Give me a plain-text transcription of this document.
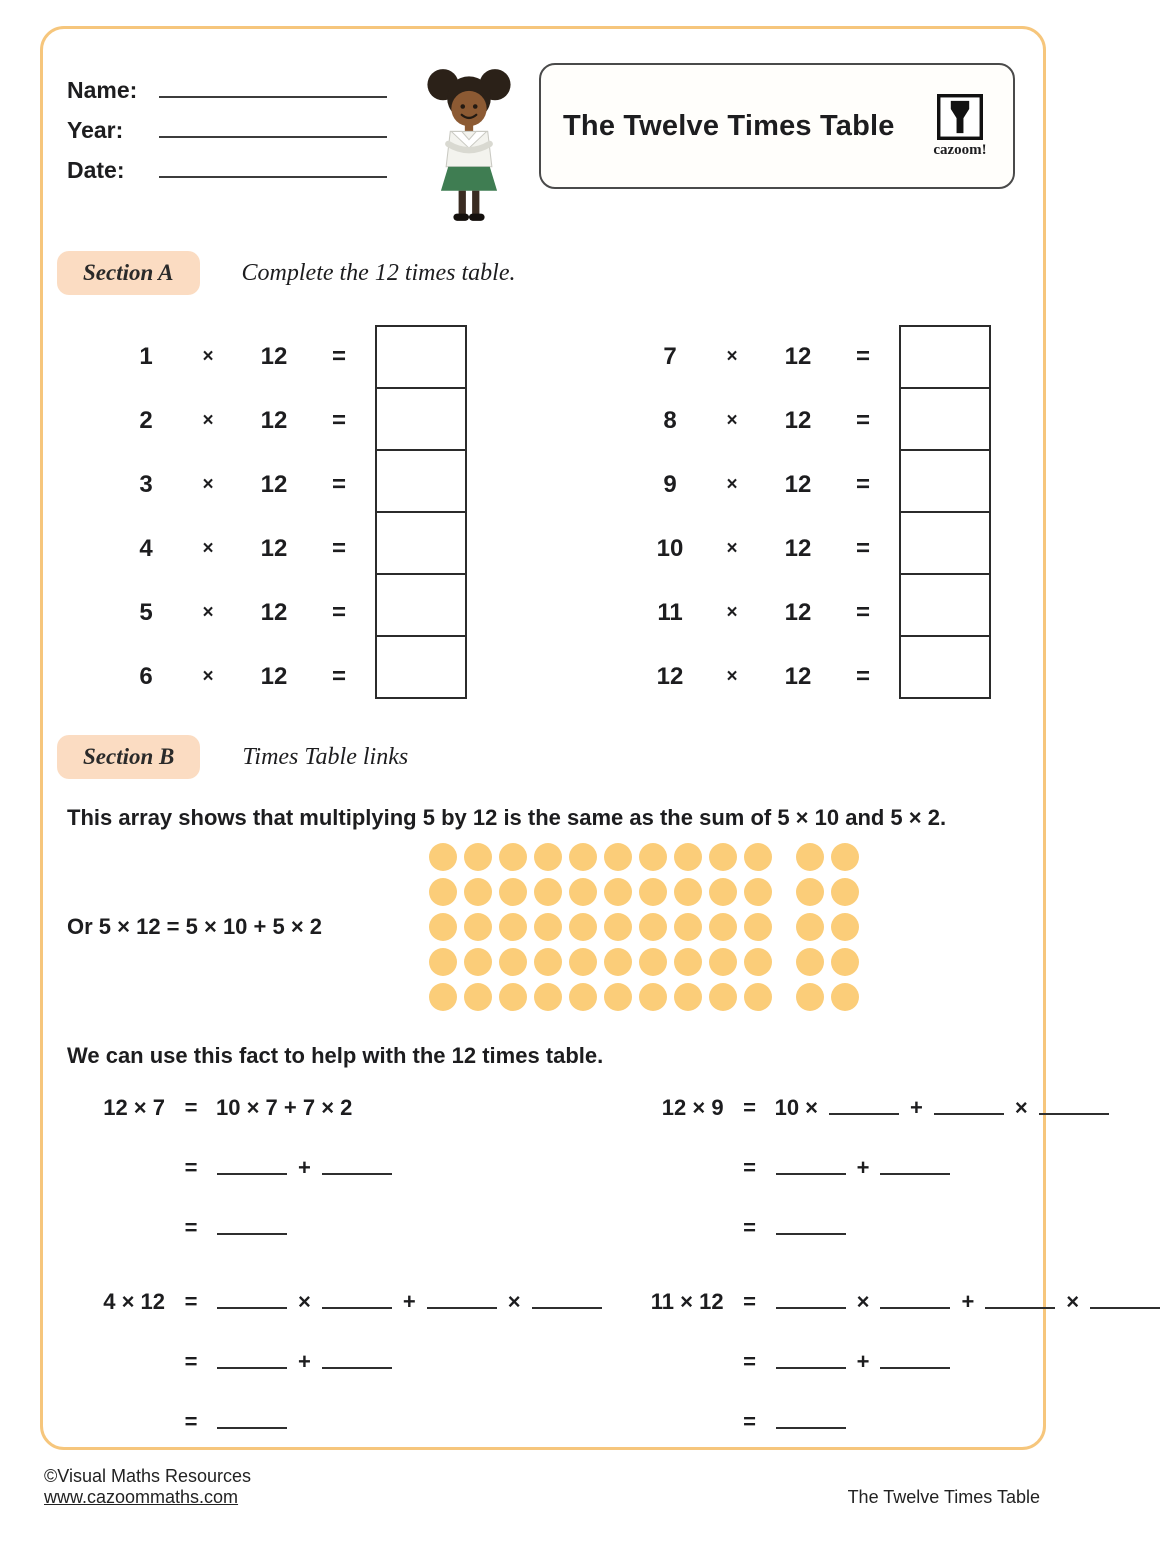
Name:
Year:
Date:
The Twelve Times Table
cazoom!
Section A	Complete the 12 times table.
1	×	12	=
2	×	12	=
3	×	12	=
4	×	12	=
5	×	12	=
6	×	12	=
7	×	12	=
8	×	12	=
9	×	12	=
10	×	12	=
11	×	12	=
12	×	12	=
Section B	Times Table links

This array shows that multiplying 5 by 12 is the same as the sum of 5 × 10 and 5 × 2.

Or 5 × 12 = 5 × 10 + 5 × 2

We can use this fact to help with the 12 times table.

12 × 7 = 10 × 7 + 7 × 2
=	+
=
12 × 9 = 10 ×	+	×
=	+
=
4 × 12 =	×	+	×
=	+
=
11 × 12 =	×	+	×
=	+
=
©Visual Maths Resources
www.cazoommaths.com	The Twelve Times Table
